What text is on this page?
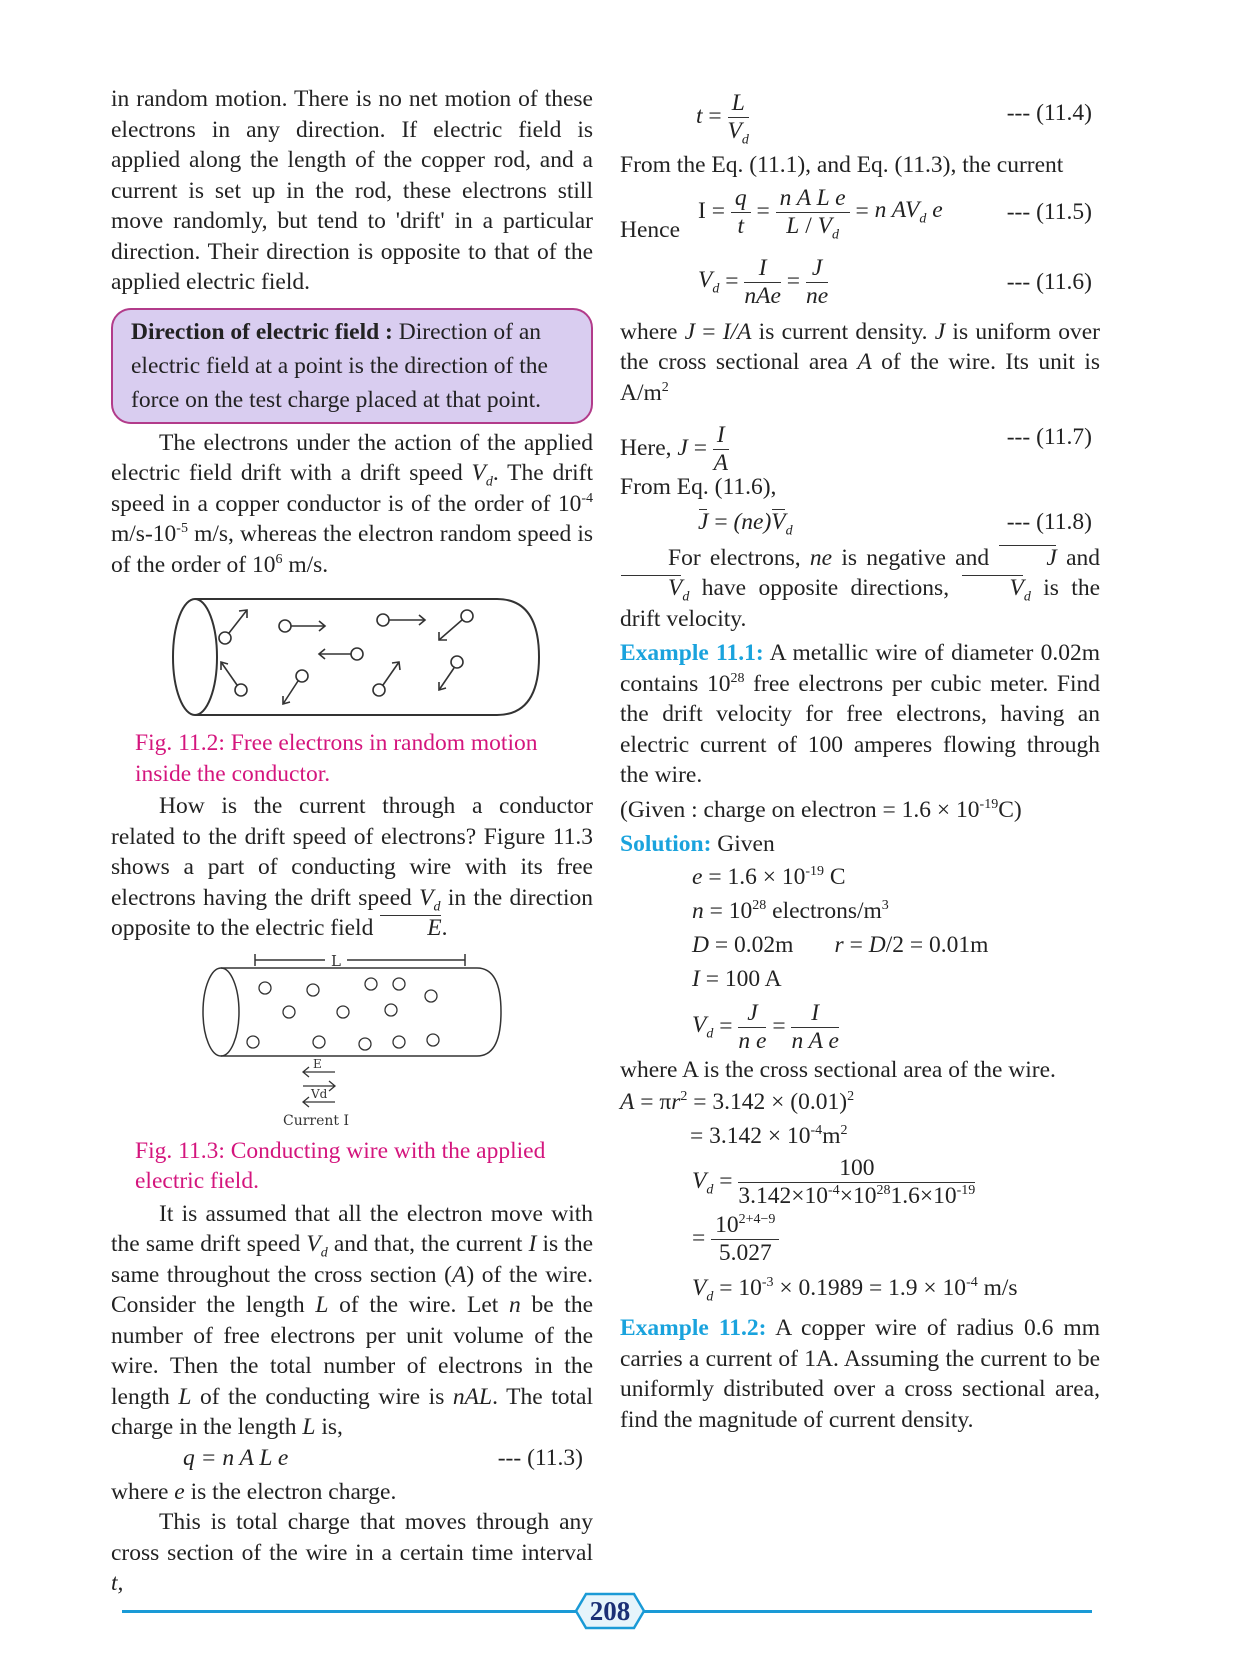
in random motion. There is no net motion of these electrons in any direction. If electric field is applied along the length of the copper rod, and a current is set up in the rod, these electrons still move randomly, but tend to 'drift' in a particular direction. Their direction is opposite to that of the applied electric field.

Direction of electric field : Direction of an electric field at a point is the direction of the force on the test charge placed at that point.

The electrons under the action of the applied electric field drift with a drift speed $V_d$. The drift speed in a copper conductor is of the order of $10^{-4}$ $m/s-10^{-5}$ m/s, whereas the electron random speed is of the order of $10^6$ m/s.

Fig. 11.2: Free electrons in random motion inside the conductor.

How is the current through a conductor related to the drift speed of electrons? Figure 11.3 shows a part of conducting wire with its free electrons having the drift speed $V_d$ in the direction opposite to the electric field E.

L
E
Vd
Current I

Fig. 11.3: Conducting wire with the applied electric field.

It is assumed that all the electron move with the same drift speed $V_d$ and that, the current I is the same throughout the cross section (A) of the wire. Consider the length L of the wire. Let n be the number of free electrons per unit volume of the wire. Then the total number of electrons in the length L of the conducting wire is nAL. The total charge in the length L is,

q = n A L e	--- (11.3)

where e is the electron charge.

This is total charge that moves through any cross section of the wire in a certain time interval t,

$t = \frac{L}{V_d}$	--- (11.4)

From the Eq. (11.1), and Eq. (11.3), the current

Hence
$I = \frac{q}{t} = \frac{\text{n A L e}}{L / V_d} = n$ $AV_d$ e	--- (11.5)
$V_d = \frac{I}{\text{nAe}} = \frac{J}{ne}$	--- (11.6)

where J = I/A is current density. J is uniform over the cross sectional area A of the wire. Its unit is $A/m^2$

Here, $J = \frac{I}{A}$	--- (11.7)

From Eq. (11.6),

$J = (ne)V_d$	--- (11.8)

For electrons, ne is negative and J and $V_d$ have opposite directions, $V_d$ is the drift velocity.

Example 11.1: A metallic wire of diameter 0.02m contains $10^{28}$ free electrons per cubic meter. Find the drift velocity for free electrons, having an electric current of 100 amperes flowing through the wire.

(Given : charge on electron = $1.6 \times 10^{-19}C$)

Solution: Given

$e = 1.6 \times 10^{-19}$ C
$n = 10^{28}$ electrons/$m^3$
D = 0.02m       r = D/2 = 0.01m
I = 100 A
$V_d = \frac{J}{\text{n e}} = \frac{I}{\text{n A e}}$

where A is the cross sectional area of the wire.

$A = \pi r^2 = 3.142 \times (0.01)^2$
= $3.142 \times 10^{-4}m^2$
$V_d = \frac{100}{3.142\times 10^{-4}\times 10^{28}1.6\times 10^{-19}}$
= $\frac{10^{2+4-9}}{5.027}$
$V_d = 10^{-3} \times 0.1989 = 1.9 \times 10^{-4}$ m/s

Example 11.2: A copper wire of radius 0.6 mm carries a current of 1A. Assuming the current to be uniformly distributed over a cross sectional area, find the magnitude of current density.

208
